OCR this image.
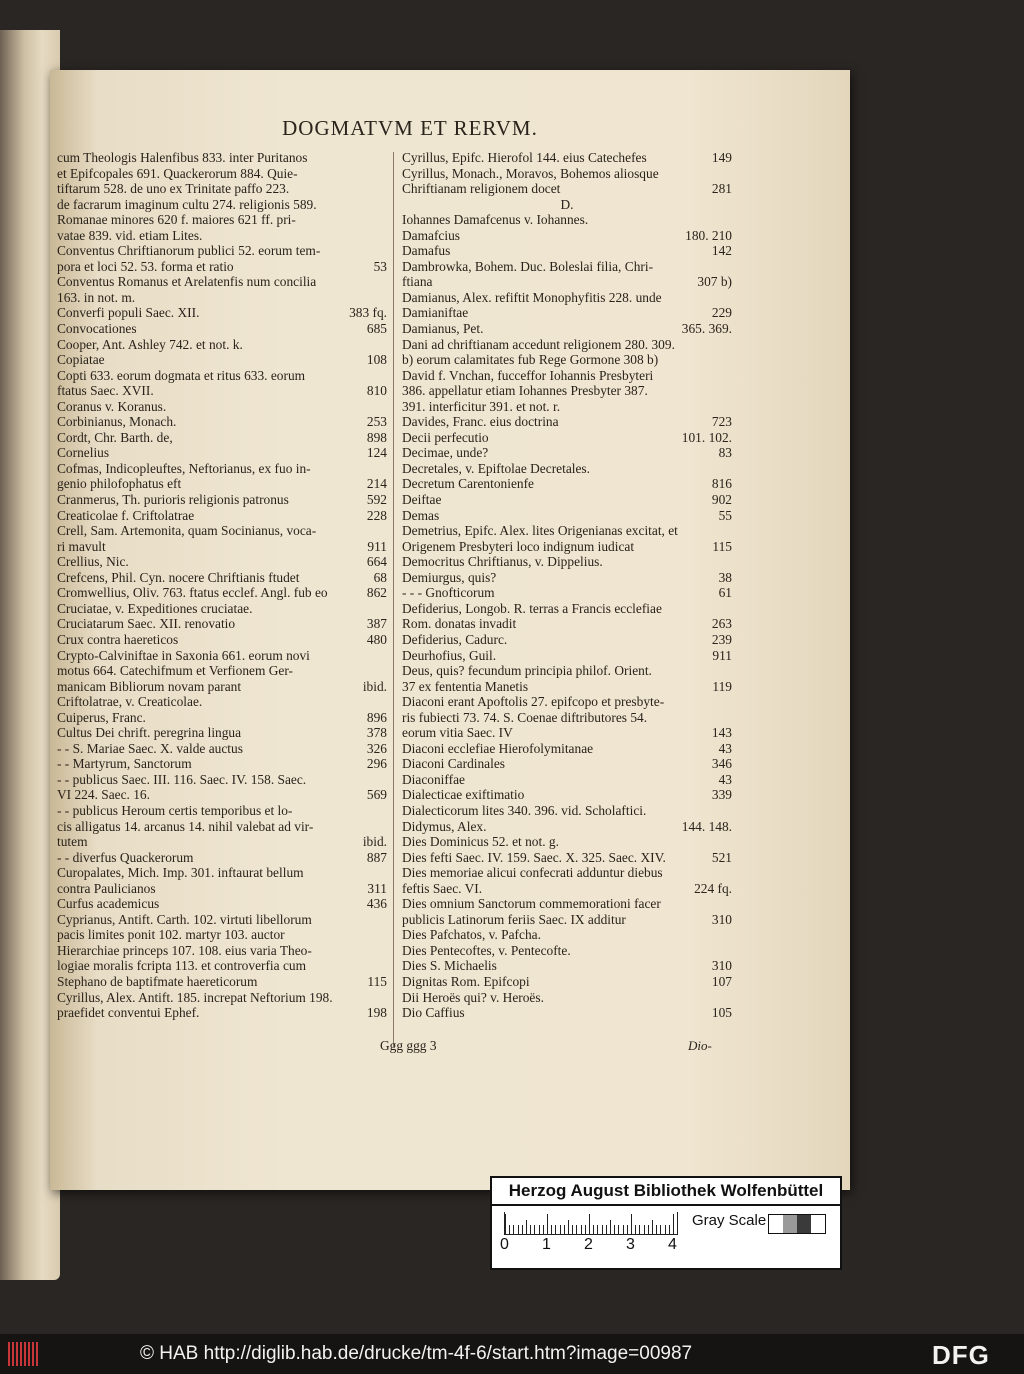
DOGMATVM ET RERVM.
cum Theologis Halenfibus 833. inter Puritanos
et Epifcopales 691. Quackerorum 884. Quie-
tiftarum 528. de uno ex Trinitate paffo 223.
de facrarum imaginum cultu 274. religionis 589.
Romanae minores 620 f. maiores 621 ff. pri-
vatae 839. vid. etiam Lites.
Conventus Chriftianorum publici 52. eorum tem-
53
pora et loci 52. 53. forma et ratio
Conventus Romanus et Arelatenfis num concilia
163. in not. m.
383 fq.
Converfi populi Saec. XII.
685
Convocationes
Cooper, Ant. Ashley 742. et not. k.
108
Copiatae
Copti 633. eorum dogmata et ritus 633. eorum
810
ftatus Saec. XVII.
Coranus v. Koranus.
253
Corbinianus, Monach.
898
Cordt, Chr. Barth. de,
124
Cornelius
Cofmas, Indicopleuftes, Neftorianus, ex fuo in-
214
genio philofophatus eft
592
Cranmerus, Th. purioris religionis patronus
228
Creaticolae f. Criftolatrae
Crell, Sam. Artemonita, quam Socinianus, voca-
911
ri mavult
664
Crellius, Nic.
68
Crefcens, Phil. Cyn. nocere Chriftianis ftudet
862
Cromwellius, Oliv. 763. ftatus ecclef. Angl. fub eo
Cruciatae, v. Expeditiones cruciatae.
387
Cruciatarum Saec. XII. renovatio
480
Crux contra haereticos
Crypto-Calviniftae in Saxonia 661. eorum novi
motus 664. Catechifmum et Verfionem Ger-
ibid.
manicam Bibliorum novam parant
Criftolatrae, v. Creaticolae.
896
Cuiperus, Franc.
378
Cultus Dei chrift. peregrina lingua
326
- - S. Mariae Saec. X. valde auctus
296
- - Martyrum, Sanctorum
- - publicus Saec. III. 116. Saec. IV. 158. Saec.
569
VI 224. Saec. 16.
- - publicus Heroum certis temporibus et lo-
cis alligatus 14. arcanus 14. nihil valebat ad vir-
ibid.
tutem
887
- - diverfus Quackerorum
Curopalates, Mich. Imp. 301. inftaurat bellum
311
contra Paulicianos
436
Curfus academicus
Cyprianus, Antift. Carth. 102. virtuti libellorum
pacis limites ponit 102. martyr 103. auctor
Hierarchiae princeps 107. 108. eius varia Theo-
logiae moralis fcripta 113. et controverfia cum
115
Stephano de baptifmate haereticorum
Cyrillus, Alex. Antift. 185. increpat Neftorium 198.
198
praefidet conventui Ephef.
149
Cyrillus, Epifc. Hierofol 144. eius Catechefes
Cyrillus, Monach., Moravos, Bohemos aliosque
281
Chriftianam religionem docet
D.
Iohannes Damafcenus v. Iohannes.
180. 210
Damafcius
142
Damafus
Dambrowka, Bohem. Duc. Boleslai filia, Chri-
307 b)
ftiana
Damianus, Alex. refiftit Monophyfitis 228. unde
229
Damianiftae
365. 369.
Damianus, Pet.
Dani ad chriftianam accedunt religionem 280. 309.
b) eorum calamitates fub Rege Gormone 308 b)
David f. Vnchan, fucceffor Iohannis Presbyteri
386. appellatur etiam Iohannes Presbyter 387.
391. interficitur 391. et not. r.
723
Davides, Franc. eius doctrina
101. 102.
Decii perfecutio
83
Decimae, unde?
Decretales, v. Epiftolae Decretales.
816
Decretum Carentonienfe
902
Deiftae
55
Demas
Demetrius, Epifc. Alex. lites Origenianas excitat, et
115
Origenem Presbyteri loco indignum iudicat
Democritus Chriftianus, v. Dippelius.
38
Demiurgus, quis?
61
- - - Gnofticorum
Defiderius, Longob. R. terras a Francis ecclefiae
263
Rom. donatas invadit
239
Defiderius, Cadurc.
911
Deurhofius, Guil.
Deus, quis? fecundum principia philof. Orient.
119
37 ex fententia Manetis
Diaconi erant Apoftolis 27. epifcopo et presbyte-
ris fubiecti 73. 74. S. Coenae diftributores 54.
143
eorum vitia Saec. IV
43
Diaconi ecclefiae Hierofolymitanae
346
Diaconi Cardinales
43
Diaconiffae
339
Dialecticae exiftimatio
Dialecticorum lites 340. 396. vid. Scholaftici.
144. 148.
Didymus, Alex.
Dies Dominicus 52. et not. g.
521
Dies fefti Saec. IV. 159. Saec. X. 325. Saec. XIV.
Dies memoriae alicui confecrati adduntur diebus
224 fq.
feftis Saec. VI.
Dies omnium Sanctorum commemorationi facer
310
publicis Latinorum feriis Saec. IX additur
Dies Pafchatos, v. Pafcha.
Dies Pentecoftes, v. Pentecofte.
310
Dies S. Michaelis
107
Dignitas Rom. Epifcopi
Dii Heroës qui? v. Heroës.
105
Dio Caffius
Ggg ggg 3	Dio-
Herzog August Bibliothek Wolfenbüttel
0 1 2 3 4
Gray Scale
© HAB http://diglib.hab.de/drucke/tm-4f-6/start.htm?image=00987	DFG
